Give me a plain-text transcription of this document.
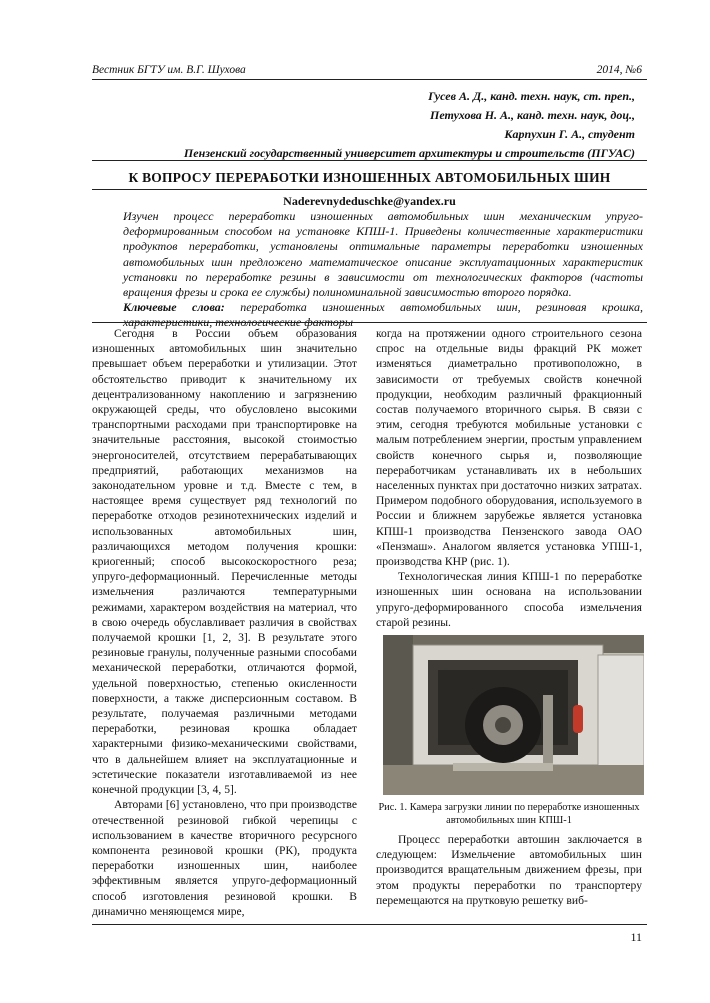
Вестник БГТУ им. В.Г. Шухова	2014, №6
Гусев А. Д., канд. техн. наук, ст. преп.,
Петухова Н. А., канд. техн. наук, доц.,
Карпухин Г. А., студент
Пензенский государственный университет архитектуры и строительств (ПГУАС)
К ВОПРОСУ ПЕРЕРАБОТКИ ИЗНОШЕННЫХ АВТОМОБИЛЬНЫХ ШИН
Naderevnydeduschke@yandex.ru

Изучен процесс переработки изношенных автомобильных шин механическим упруго-деформированным способом на установке КПШ-1. Приведены количественные характеристики продуктов переработки, установлены оптимальные параметры переработки изношенных автомобильных шин предложено математическое описание эксплуатационных характеристик установки по переработке резины в зависимости от технологических факторов (частоты вращения фрезы и срока ее службы) полиноминальной зависимостью второго порядка.

Ключевые слова: переработка изношенных автомобильных шин, резиновая крошка, характеристики, технологические факторы

Сегодня в России объем образования изношенных автомобильных шин значительно превышает объем переработки и утилизации. Этот обстоятельство приводит к значительному их децентрализованному накоплению и загрязнению окружающей среды, что обусловлено высокими транспортными расходами при транспортировке на значительные расстояния, высокой стоимостью энергоносителей, отсутствием перерабатывающих предприятий, работающих механизмов на законодательном уровне и т.д. Вместе с тем, в настоящее время существует ряд технологий по переработке отходов резинотехнических изделий и использованных автомобильных шин, различающихся методом получения крошки: криогенный; способ высокоскоростного реза; упруго-деформационный. Перечисленные методы измельчения различаются температурными режимами, характером воздействия на материал, что в свою очередь обуславливает различия в свойствах получаемой крошки [1, 2, 3]. В результате этого резиновые гранулы, полученные разными способами механической переработки, отличаются формой, удельной поверхностью, степенью окисленности поверхности, а также дисперсионным составом. В результате, получаемая различными методами переработки, резиновая крошка обладает характерными физико-механическими свойствами, что в дальнейшем влияет на эксплуатационные и эстетические показатели изготавливаемой из нее конечной продукции [3, 4, 5].

Авторами [6] установлено, что при производстве отечественной резиновой гибкой черепицы с использованием в качестве вторичного ресурсного компонента резиновой крошки (РК), продукта переработки изношенных шин, наиболее эффективным является упруго-деформационный способ изготовления резиновой крошки. В динамично меняющемся мире,

когда на протяжении одного строительного сезона спрос на отдельные виды фракций РК может изменяться диаметрально противоположно, в зависимости от требуемых свойств конечной продукции, необходим различный фракционный состав получаемого вторичного сырья. В связи с этим, сегодня требуются мобильные установки с малым потреблением энергии, простым управлением свойств конечного сырья и, позволяющие переработчикам устанавливать их в небольших населенных пунктах при достаточно низких затратах. Примером подобного оборудования, используемого в России и ближнем зарубежье является установка КПШ-1 производства Пензенского завода ОАО «Пензмаш». Аналогом является установка УПШ-1, производства КНР (рис. 1).

Технологическая линия КПШ-1 по переработке изношенных шин основана на использовании упруго-деформированного способа измельчения старой резины.

Рис. 1. Камера загрузки линии по переработке изношенных автомобильных шин КПШ-1

Процесс переработки автошин заключается в следующем: Измельчение автомобильных шин производится вращательным движением фрезы, при этом продукты переработки по транспортеру перемещаются на прутковую решетку виб-

11
